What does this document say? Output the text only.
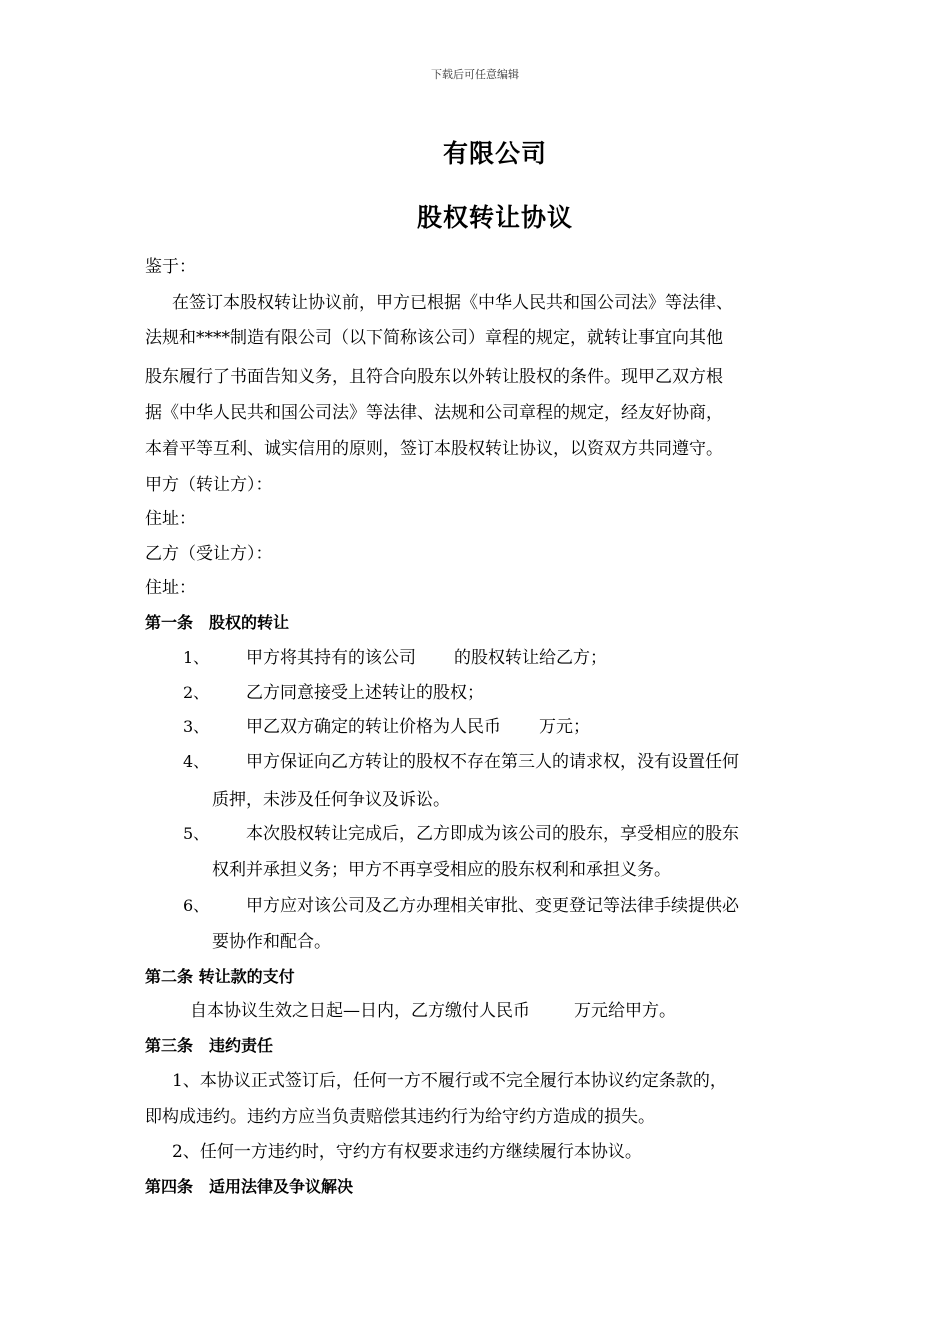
下载后可任意编辑
有限公司
股权转让协议
鉴于：
在签订本股权转让协议前，甲方已根据《中华人民共和国公司法》等法律、
法规和****制造有限公司（以下简称该公司）章程的规定，就转让事宜向其他
股东履行了书面告知义务，且符合向股东以外转让股权的条件。现甲乙双方根
据《中华人民共和国公司法》等法律、法规和公司章程的规定，经友好协商，
本着平等互利、诚实信用的原则，签订本股权转让协议，以资双方共同遵守。
甲方（转让方）：
住址：
乙方（受让方）：
住址：
第一条　股权的转让
1、 甲方将其持有的该公司 的股权转让给乙方；
2、 乙方同意接受上述转让的股权；
3、 甲乙双方确定的转让价格为人民币 万元；
4、 甲方保证向乙方转让的股权不存在第三人的请求权，没有设置任何
质押，未涉及任何争议及诉讼。
5、 本次股权转让完成后，乙方即成为该公司的股东，享受相应的股东
权利并承担义务；甲方不再享受相应的股东权利和承担义务。
6、 甲方应对该公司及乙方办理相关审批、变更登记等法律手续提供必
要协作和配合。
第二条 转让款的支付
自本协议生效之日起—日内，乙方缴付人民币	万元给甲方。
第三条　违约责任
1、本协议正式签订后，任何一方不履行或不完全履行本协议约定条款的，
即构成违约。违约方应当负责赔偿其违约行为给守约方造成的损失。
2、任何一方违约时，守约方有权要求违约方继续履行本协议。
第四条　适用法律及争议解决
